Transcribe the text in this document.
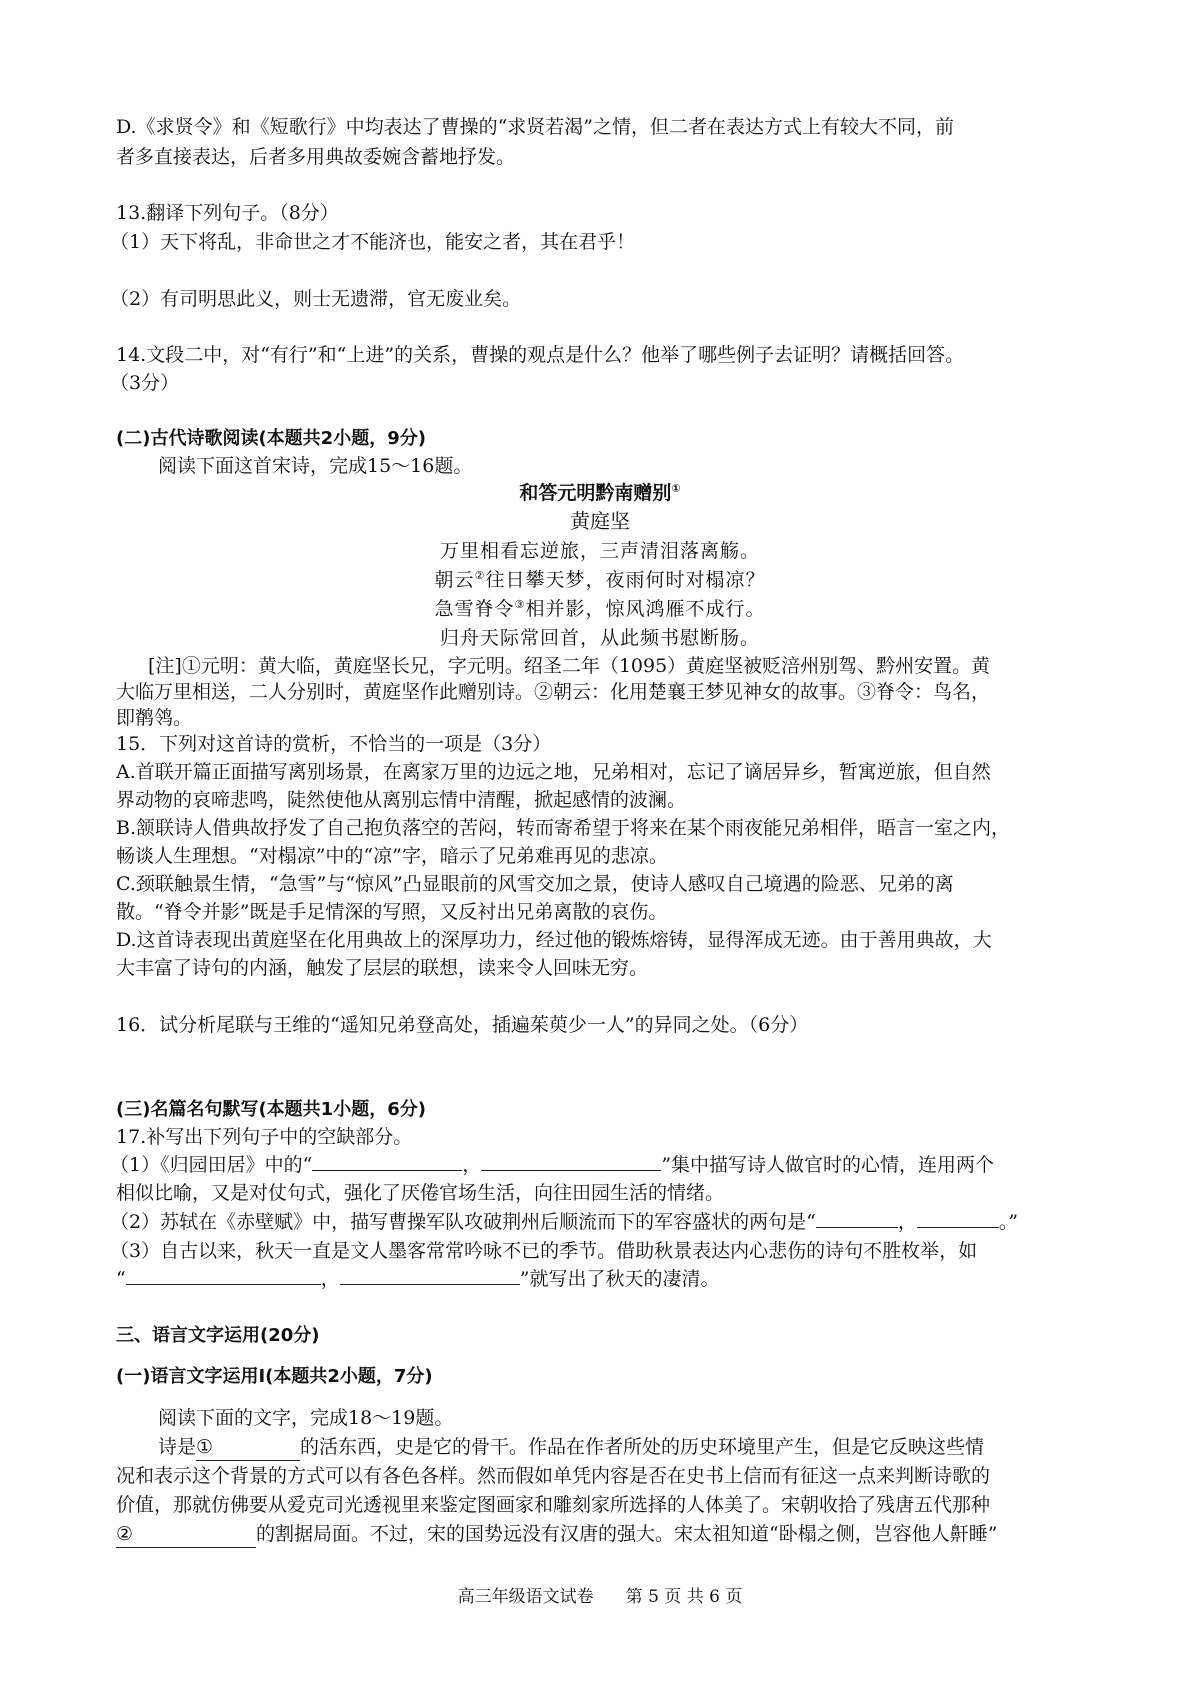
D.《求贤令》和《短歌行》中均表达了曹操的“求贤若渴”之情，但二者在表达方式上有较大不同，前
者多直接表达，后者多用典故委婉含蓄地抒发。
13.翻译下列句子。（8分）
（1）天下将乱，非命世之才不能济也，能安之者，其在君乎！
（2）有司明思此义，则士无遗滞，官无废业矣。
14.文段二中，对“有行”和“上进”的关系，曹操的观点是什么？他举了哪些例子去证明？请概括回答。
（3分）
(二)古代诗歌阅读(本题共2小题，9分)
阅读下面这首宋诗，完成15～16题。
和答元明黔南赠别①
黄庭坚
万里相看忘逆旅，三声清泪落离觞。
朝云②往日攀天梦，夜雨何时对榻凉？
急雪脊令③相并影，惊风鸿雁不成行。
归舟天际常回首，从此频书慰断肠。
[注]①元明：黄大临，黄庭坚长兄，字元明。绍圣二年（1095）黄庭坚被贬涪州别驾、黔州安置。黄
大临万里相送，二人分别时，黄庭坚作此赠别诗。②朝云：化用楚襄王梦见神女的故事。③脊令：鸟名，
即鹡鸰。
15．下列对这首诗的赏析，不恰当的一项是（3分）
A.首联开篇正面描写离别场景，在离家万里的边远之地，兄弟相对，忘记了谪居异乡，暂寓逆旅，但自然
界动物的哀啼悲鸣，陡然使他从离别忘情中清醒，掀起感情的波澜。
B.颔联诗人借典故抒发了自己抱负落空的苦闷，转而寄希望于将来在某个雨夜能兄弟相伴，晤言一室之内，
畅谈人生理想。“对榻凉”中的“凉”字，暗示了兄弟难再见的悲凉。
C.颈联触景生情，“急雪”与“惊风”凸显眼前的风雪交加之景，使诗人感叹自己境遇的险恶、兄弟的离
散。“脊令并影”既是手足情深的写照，又反衬出兄弟离散的哀伤。
D.这首诗表现出黄庭坚在化用典故上的深厚功力，经过他的锻炼熔铸，显得浑成无迹。由于善用典故，大
大丰富了诗句的内涵，触发了层层的联想，读来令人回味无穷。
16．试分析尾联与王维的“遥知兄弟登高处，插遍茱萸少一人”的异同之处。（6分）
(三)名篇名句默写(本题共1小题，6分)
17.补写出下列句子中的空缺部分。
（1）《归园田居》中的“	，	”集中描写诗人做官时的心情，连用两个
相似比喻，又是对仗句式，强化了厌倦官场生活，向往田园生活的情绪。
（2）苏轼在《赤壁赋》中，描写曹操军队攻破荆州后顺流而下的军容盛状的两句是“	，	。”
（3）自古以来，秋天一直是文人墨客常常吟咏不已的季节。借助秋景表达内心悲伤的诗句不胜枚举，如
“	，	”就写出了秋天的凄清。
三、语言文字运用(20分)
(一)语言文字运用Ⅰ(本题共2小题，7分)
阅读下面的文字，完成18～19题。
诗是①	的活东西，史是它的骨干。作品在作者所处的历史环境里产生，但是它反映这些情
况和表示这个背景的方式可以有各色各样。然而假如单凭内容是否在史书上信而有征这一点来判断诗歌的
价值，那就仿佛要从爱克司光透视里来鉴定图画家和雕刻家所选择的人体美了。宋朝收拾了残唐五代那种
②	的割据局面。不过，宋的国势远没有汉唐的强大。宋太祖知道“卧榻之侧，岂容他人鼾睡”
高三年级语文试卷 第 5 页 共 6 页
